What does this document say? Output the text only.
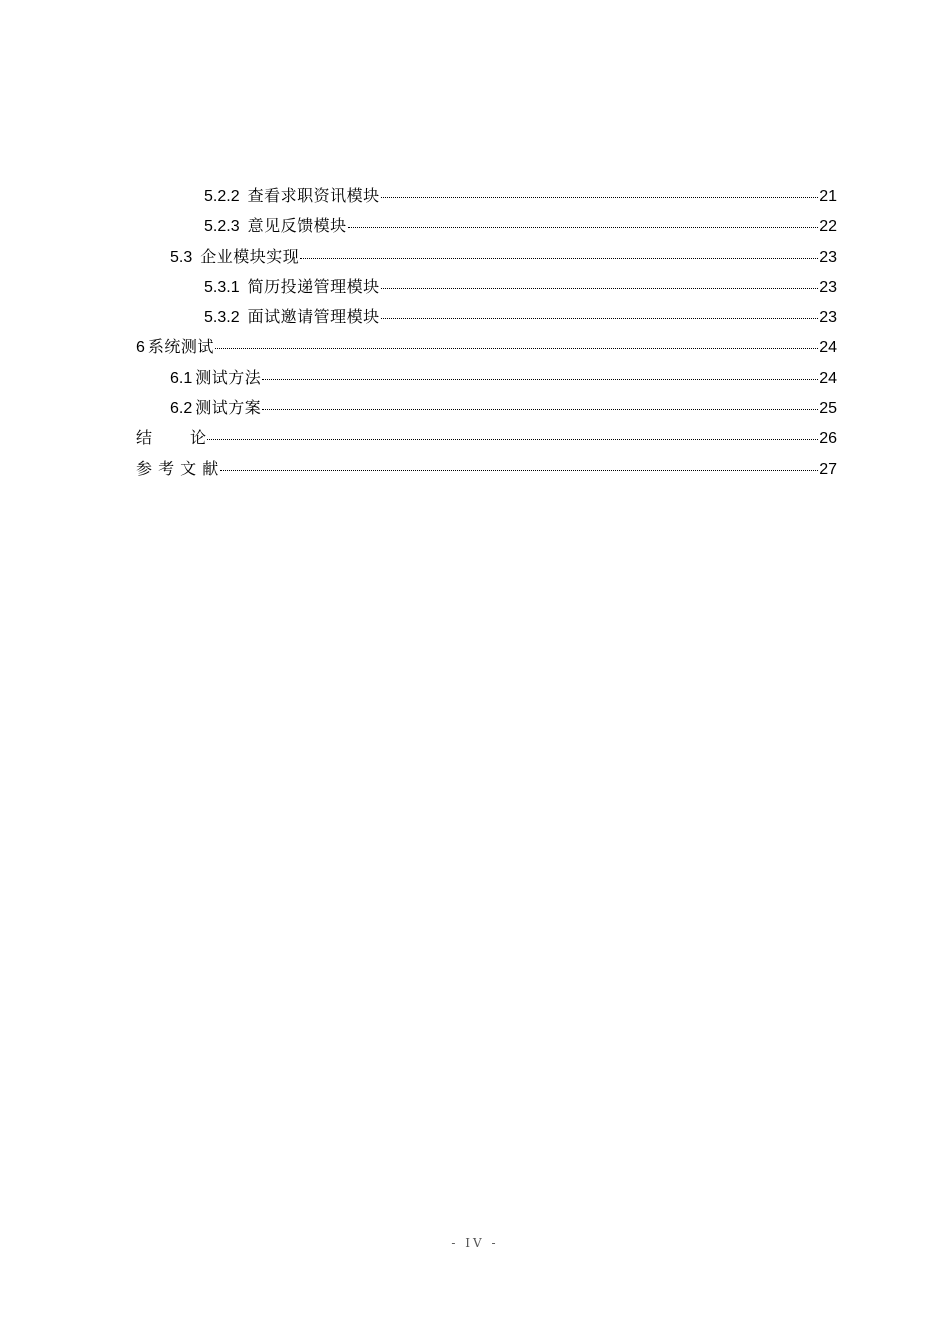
5.2.2 查看求职资讯模块	21
5.2.3 意见反馈模块	22
5.3 企业模块实现	23
5.3.1 简历投递管理模块	23
5.3.2 面试邀请管理模块	23
6 系统测试	24
6.1 测试方法	24
6.2 测试方案	25
结 论	26
参 考 文 献	27
- IV -
